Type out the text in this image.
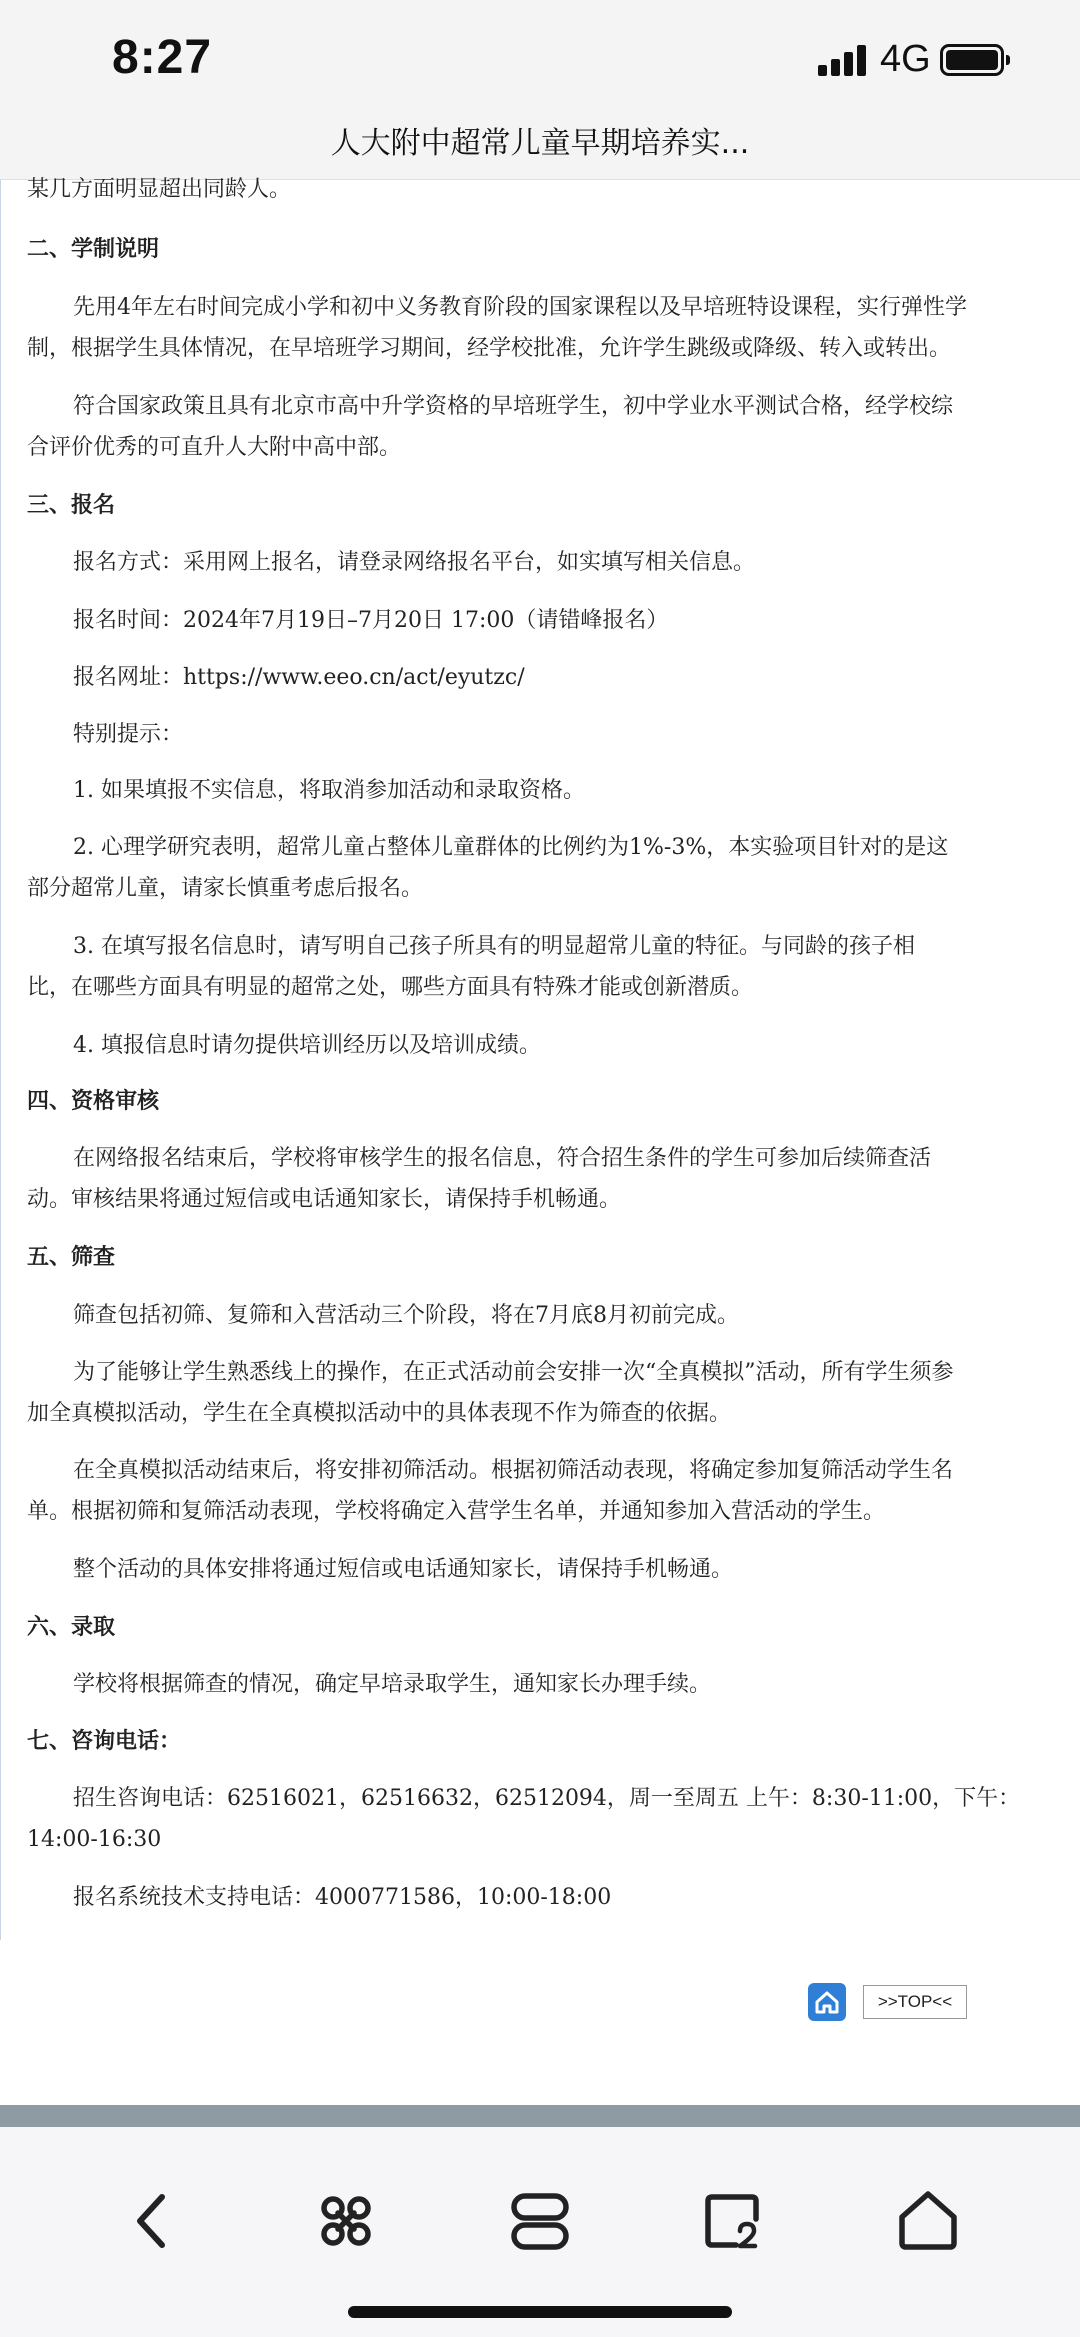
8:27	4G
人大附中超常儿童早期培养实...

某几方面明显超出同龄人。

二、学制说明

先用4年左右时间完成小学和初中义务教育阶段的国家课程以及早培班特设课程，实行弹性学

制，根据学生具体情况，在早培班学习期间，经学校批准，允许学生跳级或降级、转入或转出。

符合国家政策且具有北京市高中升学资格的早培班学生，初中学业水平测试合格，经学校综

合评价优秀的可直升人大附中高中部。

三、报名

报名方式：采用网上报名，请登录网络报名平台，如实填写相关信息。

报名时间：2024年7月19日–7月20日 17:00（请错峰报名）

报名网址：https://www.eeo.cn/act/eyutzc/

特别提示：

1. 如果填报不实信息，将取消参加活动和录取资格。

2. 心理学研究表明，超常儿童占整体儿童群体的比例约为1%-3%，本实验项目针对的是这

部分超常儿童，请家长慎重考虑后报名。

3. 在填写报名信息时，请写明自己孩子所具有的明显超常儿童的特征。与同龄的孩子相

比，在哪些方面具有明显的超常之处，哪些方面具有特殊才能或创新潜质。

4. 填报信息时请勿提供培训经历以及培训成绩。

四、资格审核

在网络报名结束后，学校将审核学生的报名信息，符合招生条件的学生可参加后续筛查活

动。审核结果将通过短信或电话通知家长，请保持手机畅通。

五、筛查

筛查包括初筛、复筛和入营活动三个阶段，将在7月底8月初前完成。

为了能够让学生熟悉线上的操作，在正式活动前会安排一次“全真模拟”活动，所有学生须参

加全真模拟活动，学生在全真模拟活动中的具体表现不作为筛查的依据。

在全真模拟活动结束后，将安排初筛活动。根据初筛活动表现，将确定参加复筛活动学生名

单。根据初筛和复筛活动表现，学校将确定入营学生名单，并通知参加入营活动的学生。

整个活动的具体安排将通过短信或电话通知家长，请保持手机畅通。

六、录取

学校将根据筛查的情况，确定早培录取学生，通知家长办理手续。

七、咨询电话：

招生咨询电话：62516021，62516632，62512094，周一至周五 上午：8:30-11:00，下午：

14:00-16:30

报名系统技术支持电话：4000771586，10:00-18:00

>>TOP<<
